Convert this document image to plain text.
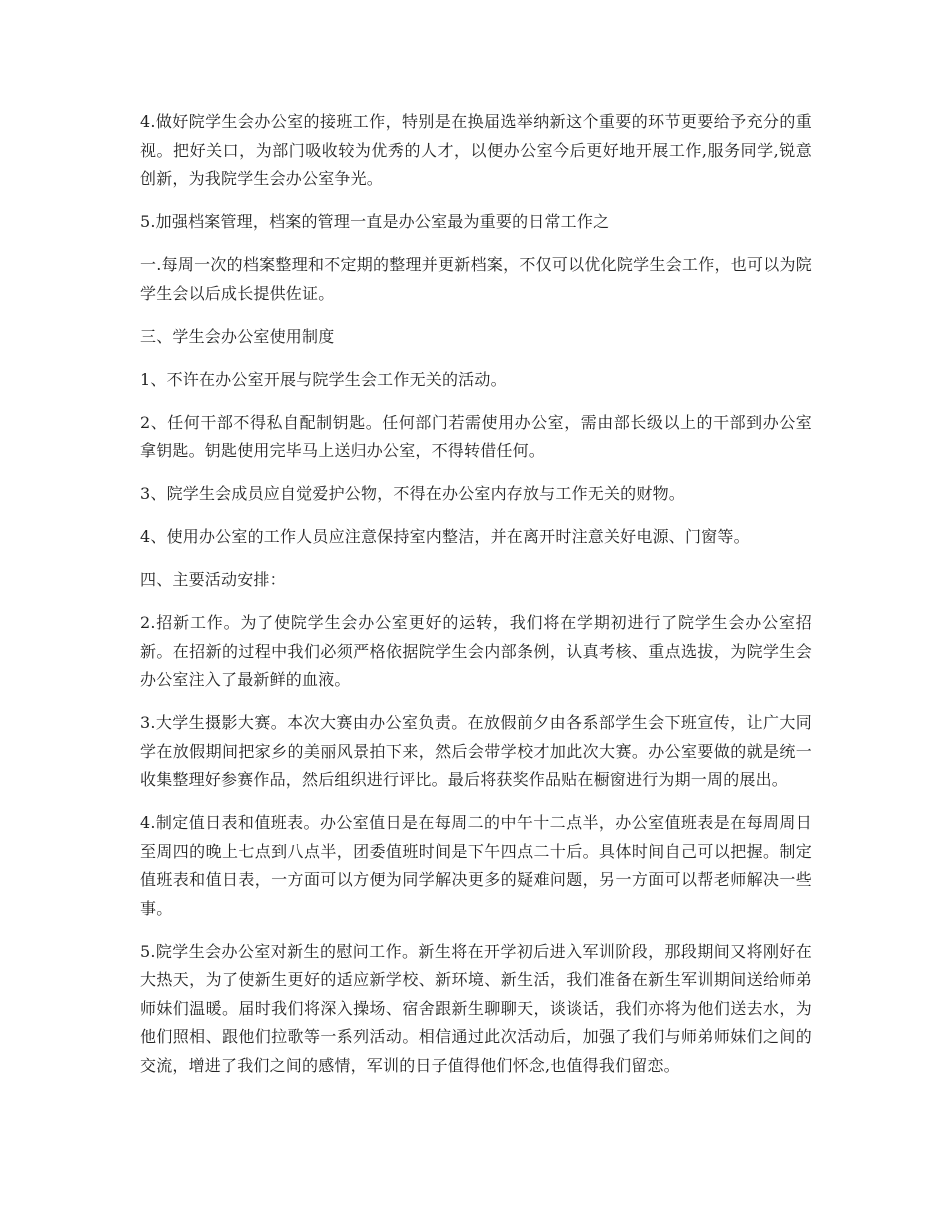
4.做好院学生会办公室的接班工作，特别是在换届选举纳新这个重要的环节更要给予充分的重视。把好关口，为部门吸收较为优秀的人才，以便办公室今后更好地开展工作,服务同学,锐意创新，为我院学生会办公室争光。

5.加强档案管理，档案的管理一直是办公室最为重要的日常工作之

一.每周一次的档案整理和不定期的整理并更新档案，不仅可以优化院学生会工作，也可以为院学生会以后成长提供佐证。

三、学生会办公室使用制度

1、不许在办公室开展与院学生会工作无关的活动。

2、任何干部不得私自配制钥匙。任何部门若需使用办公室，需由部长级以上的干部到办公室拿钥匙。钥匙使用完毕马上送归办公室，不得转借任何。

3、院学生会成员应自觉爱护公物，不得在办公室内存放与工作无关的财物。

4、使用办公室的工作人员应注意保持室内整洁，并在离开时注意关好电源、门窗等。

四、主要活动安排：

2.招新工作。为了使院学生会办公室更好的运转，我们将在学期初进行了院学生会办公室招新。在招新的过程中我们必须严格依据院学生会内部条例，认真考核、重点选拔，为院学生会办公室注入了最新鲜的血液。

3.大学生摄影大赛。本次大赛由办公室负责。在放假前夕由各系部学生会下班宣传，让广大同学在放假期间把家乡的美丽风景拍下来，然后会带学校才加此次大赛。办公室要做的就是统一收集整理好参赛作品，然后组织进行评比。最后将获奖作品贴在橱窗进行为期一周的展出。

4.制定值日表和值班表。办公室值日是在每周二的中午十二点半，办公室值班表是在每周周日至周四的晚上七点到八点半，团委值班时间是下午四点二十后。具体时间自己可以把握。制定值班表和值日表，一方面可以方便为同学解决更多的疑难问题，另一方面可以帮老师解决一些事。

5.院学生会办公室对新生的慰问工作。新生将在开学初后进入军训阶段，那段期间又将刚好在大热天，为了使新生更好的适应新学校、新环境、新生活，我们准备在新生军训期间送给师弟师妹们温暖。届时我们将深入操场、宿舍跟新生聊聊天，谈谈话，我们亦将为他们送去水，为他们照相、跟他们拉歌等一系列活动。相信通过此次活动后，加强了我们与师弟师妹们之间的交流，增进了我们之间的感情，军训的日子值得他们怀念,也值得我们留恋。
